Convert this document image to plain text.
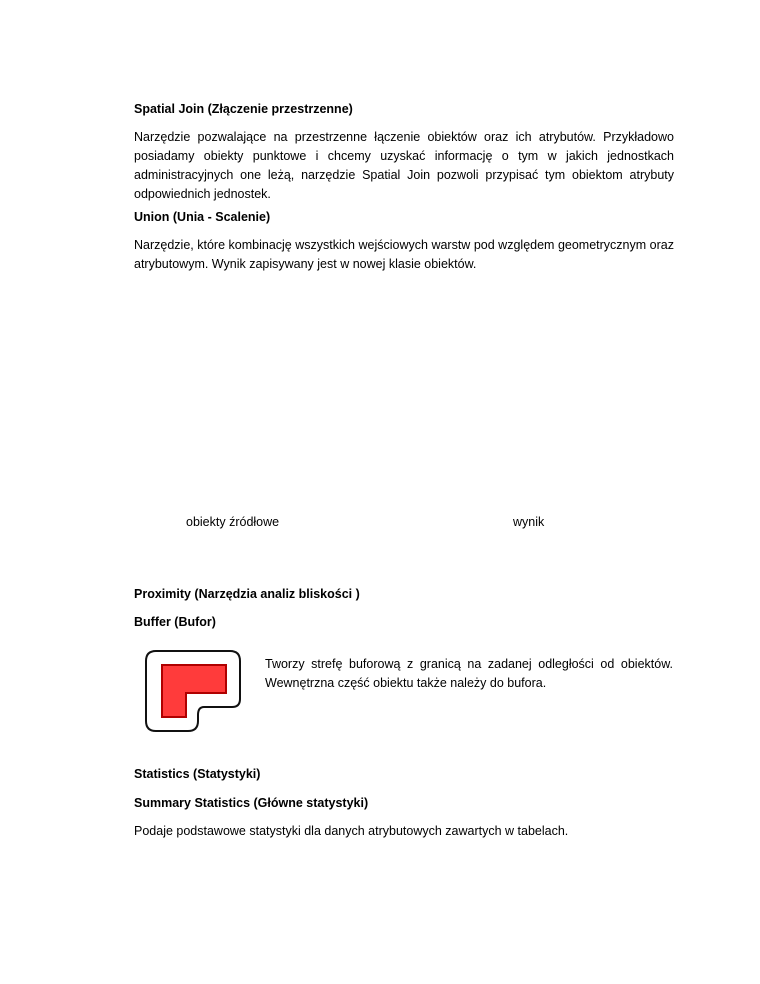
Spatial Join (Złączenie przestrzenne)
Narzędzie pozwalające na przestrzenne łączenie obiektów oraz ich atrybutów. Przykładowo posiadamy obiekty punktowe i chcemy uzyskać informację o tym w jakich jednostkach administracyjnych one leżą, narzędzie Spatial Join pozwoli przypisać tym obiektom atrybuty odpowiednich jednostek.
Union (Unia - Scalenie)
Narzędzie, które kombinację wszystkich wejściowych warstw pod względem geometrycznym oraz atrybutowym. Wynik zapisywany jest w nowej klasie obiektów.
obiekty źródłowe	wynik
Proximity (Narzędzia analiz bliskości )
Buffer (Bufor)
Tworzy strefę buforową z granicą na zadanej odległości od obiektów. Wewnętrzna część obiektu także należy do bufora.
Statistics (Statystyki)
Summary Statistics (Główne statystyki)
Podaje podstawowe statystyki dla danych atrybutowych zawartych w tabelach.
